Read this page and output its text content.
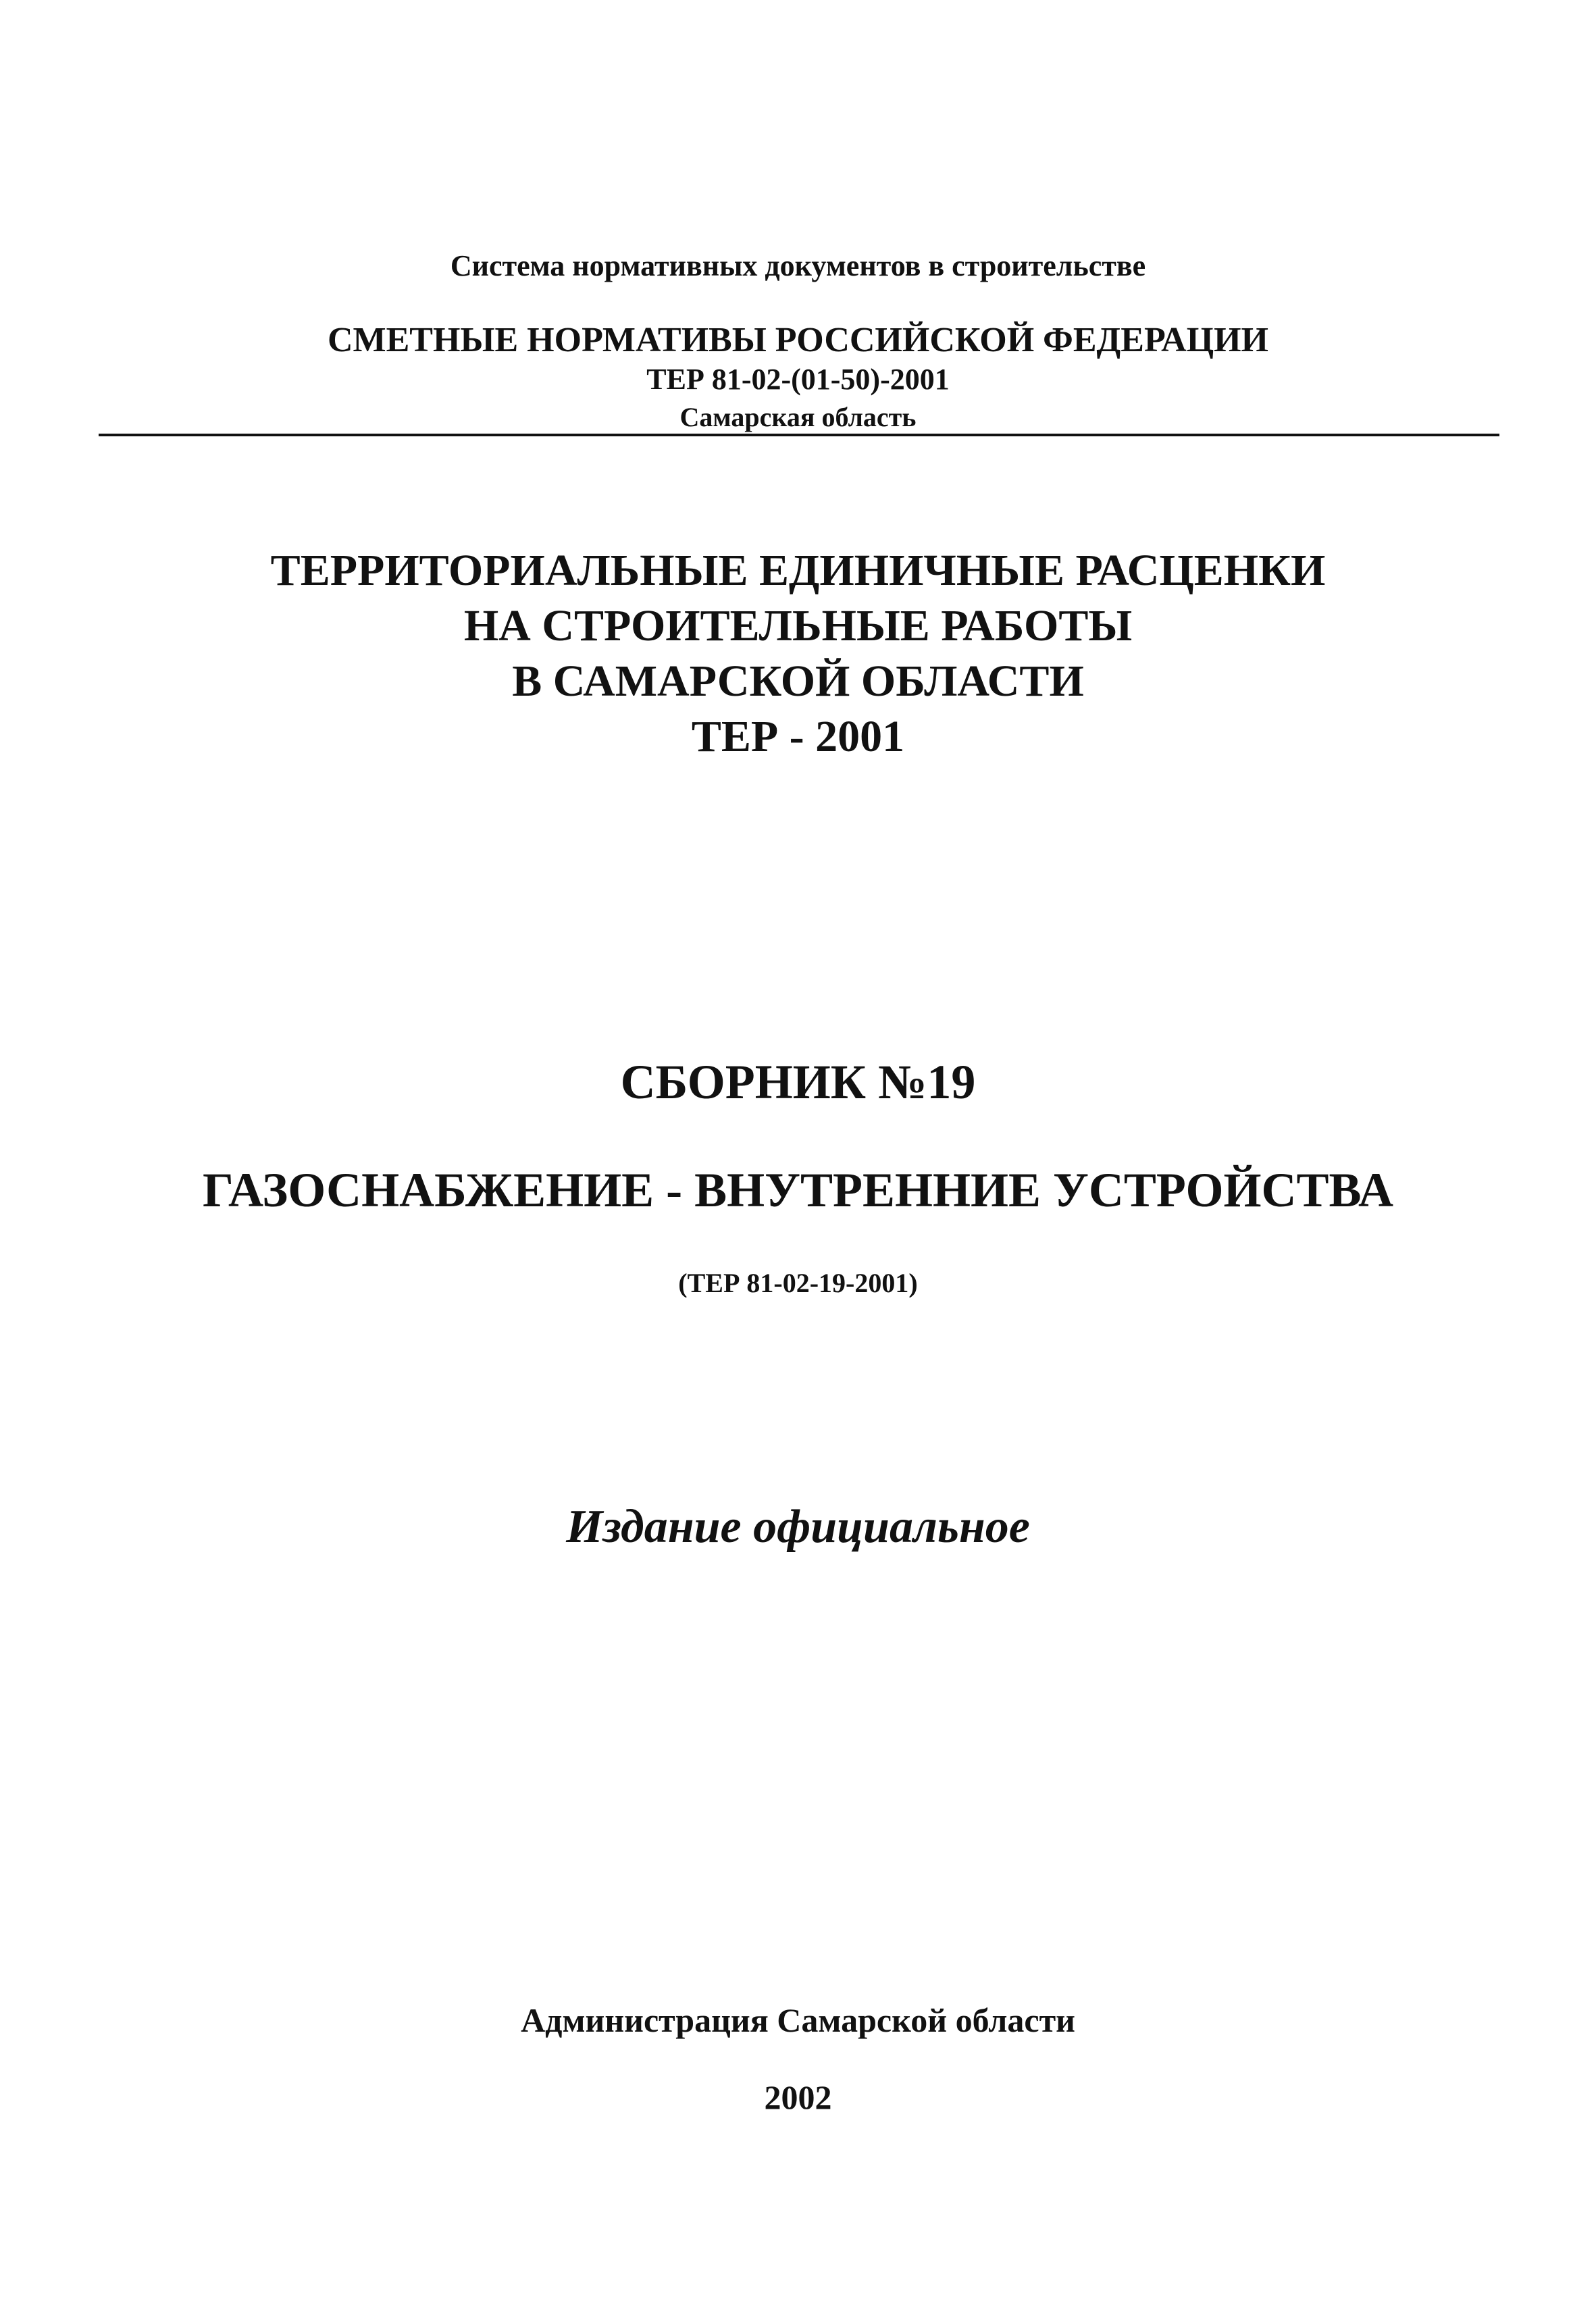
Система нормативных документов в строительстве
СМЕТНЫЕ НОРМАТИВЫ РОССИЙСКОЙ ФЕДЕРАЦИИ
ТЕР 81-02-(01-50)-2001
Самарская область
ТЕРРИТОРИАЛЬНЫЕ ЕДИНИЧНЫЕ РАСЦЕНКИ
НА СТРОИТЕЛЬНЫЕ РАБОТЫ
В САМАРСКОЙ ОБЛАСТИ
ТЕР - 2001
СБОРНИК №19
ГАЗОСНАБЖЕНИЕ - ВНУТРЕННИЕ УСТРОЙСТВА
(ТЕР 81-02-19-2001)
Издание официальное
Администрация Самарской области
2002
